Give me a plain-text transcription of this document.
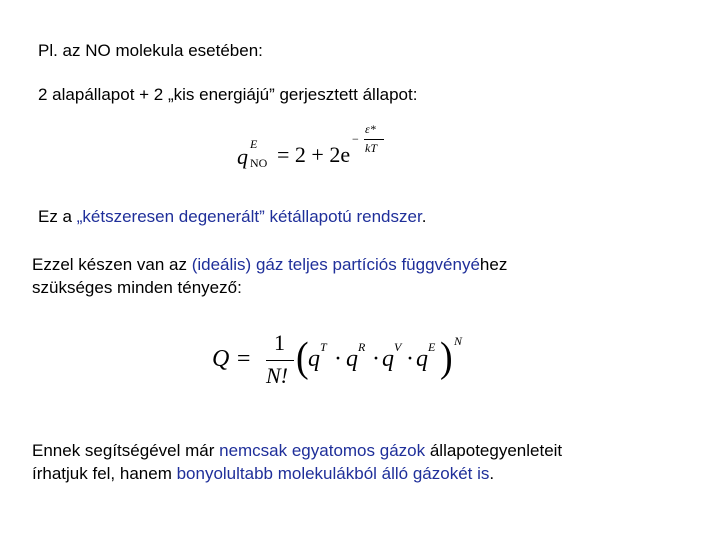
Pl. az NO molekula esetében:
2 alapállapot + 2 „kis energiájú” gerjesztett állapot:
q E
NO = 2 + 2e
−
ε*
kT
Ez a „kétszeresen degenerált” kétállapotú rendszer.
Ezzel készen van az (ideális) gáz teljes partíciós függvényéhez
szükséges minden tényező:
Q =
1
N! ( q T · q R · q V · q E ) N
Ennek segítségével már nemcsak egyatomos gázok állapotegyenleteit
írhatjuk fel, hanem bonyolultabb molekulákból álló gázokét is.
